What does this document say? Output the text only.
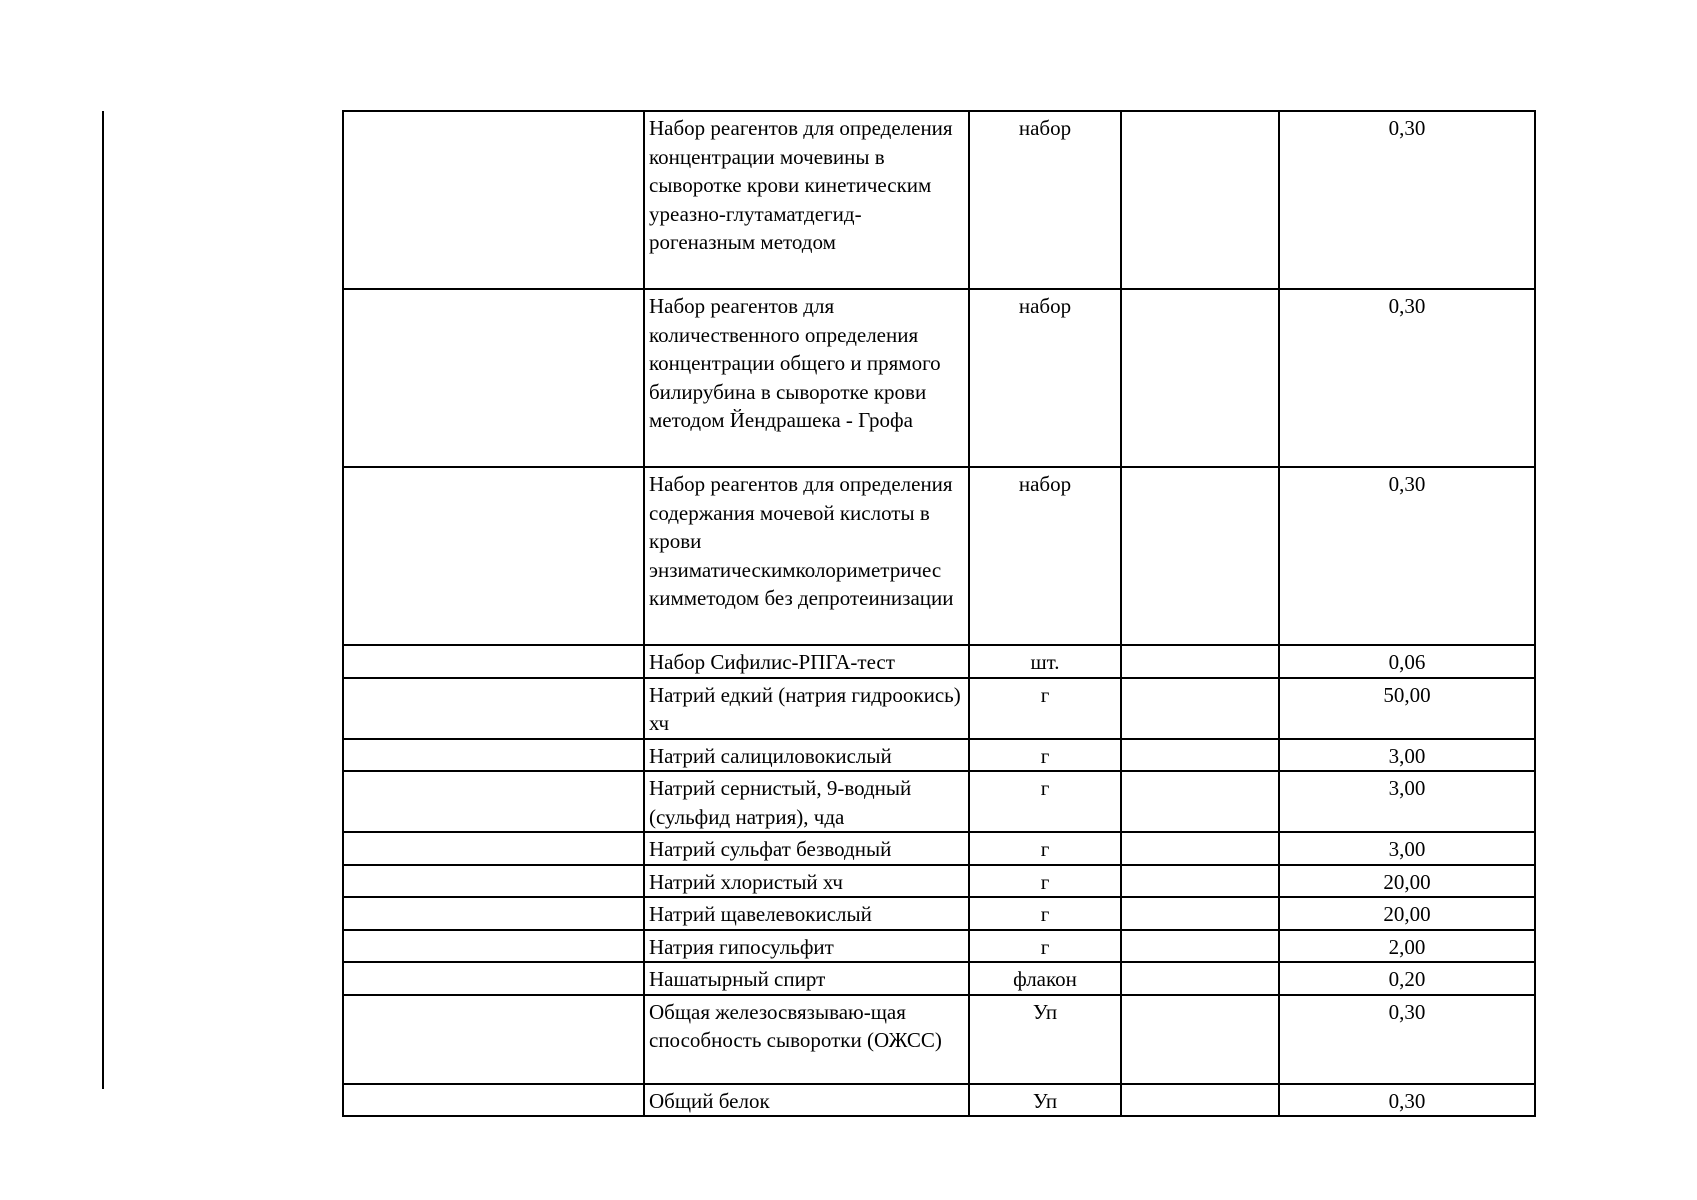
	Набор реагентов для определения концентрации мочевины в сыворотке крови кинетическим уреазно-глутаматдегид-рогеназным методом	набор		0,30
	Набор реагентов для количественного определения концентрации общего и прямого билирубина в сыворотке крови методом Йендрашека - Грофа	набор		0,30
	Набор реагентов для определения содержания мочевой кислоты в крови энзиматическимколориметричес кимметодом без депротеинизации	набор		0,30
	Набор Сифилис-РПГА-тест	шт.		0,06
	Натрий едкий (натрия гидроокись) хч	г		50,00
	Натрий салициловокислый	г		3,00
	Натрий сернистый, 9-водный (сульфид натрия), чда	г		3,00
	Натрий сульфат безводный	г		3,00
	Натрий хлористый хч	г		20,00
	Натрий щавелевокислый	г		20,00
	Натрия гипосульфит	г		2,00
	Нашатырный спирт	флакон		0,20
	Общая железосвязываю-щая способность сыворотки (ОЖСС)	Уп		0,30
	Общий белок	Уп		0,30
